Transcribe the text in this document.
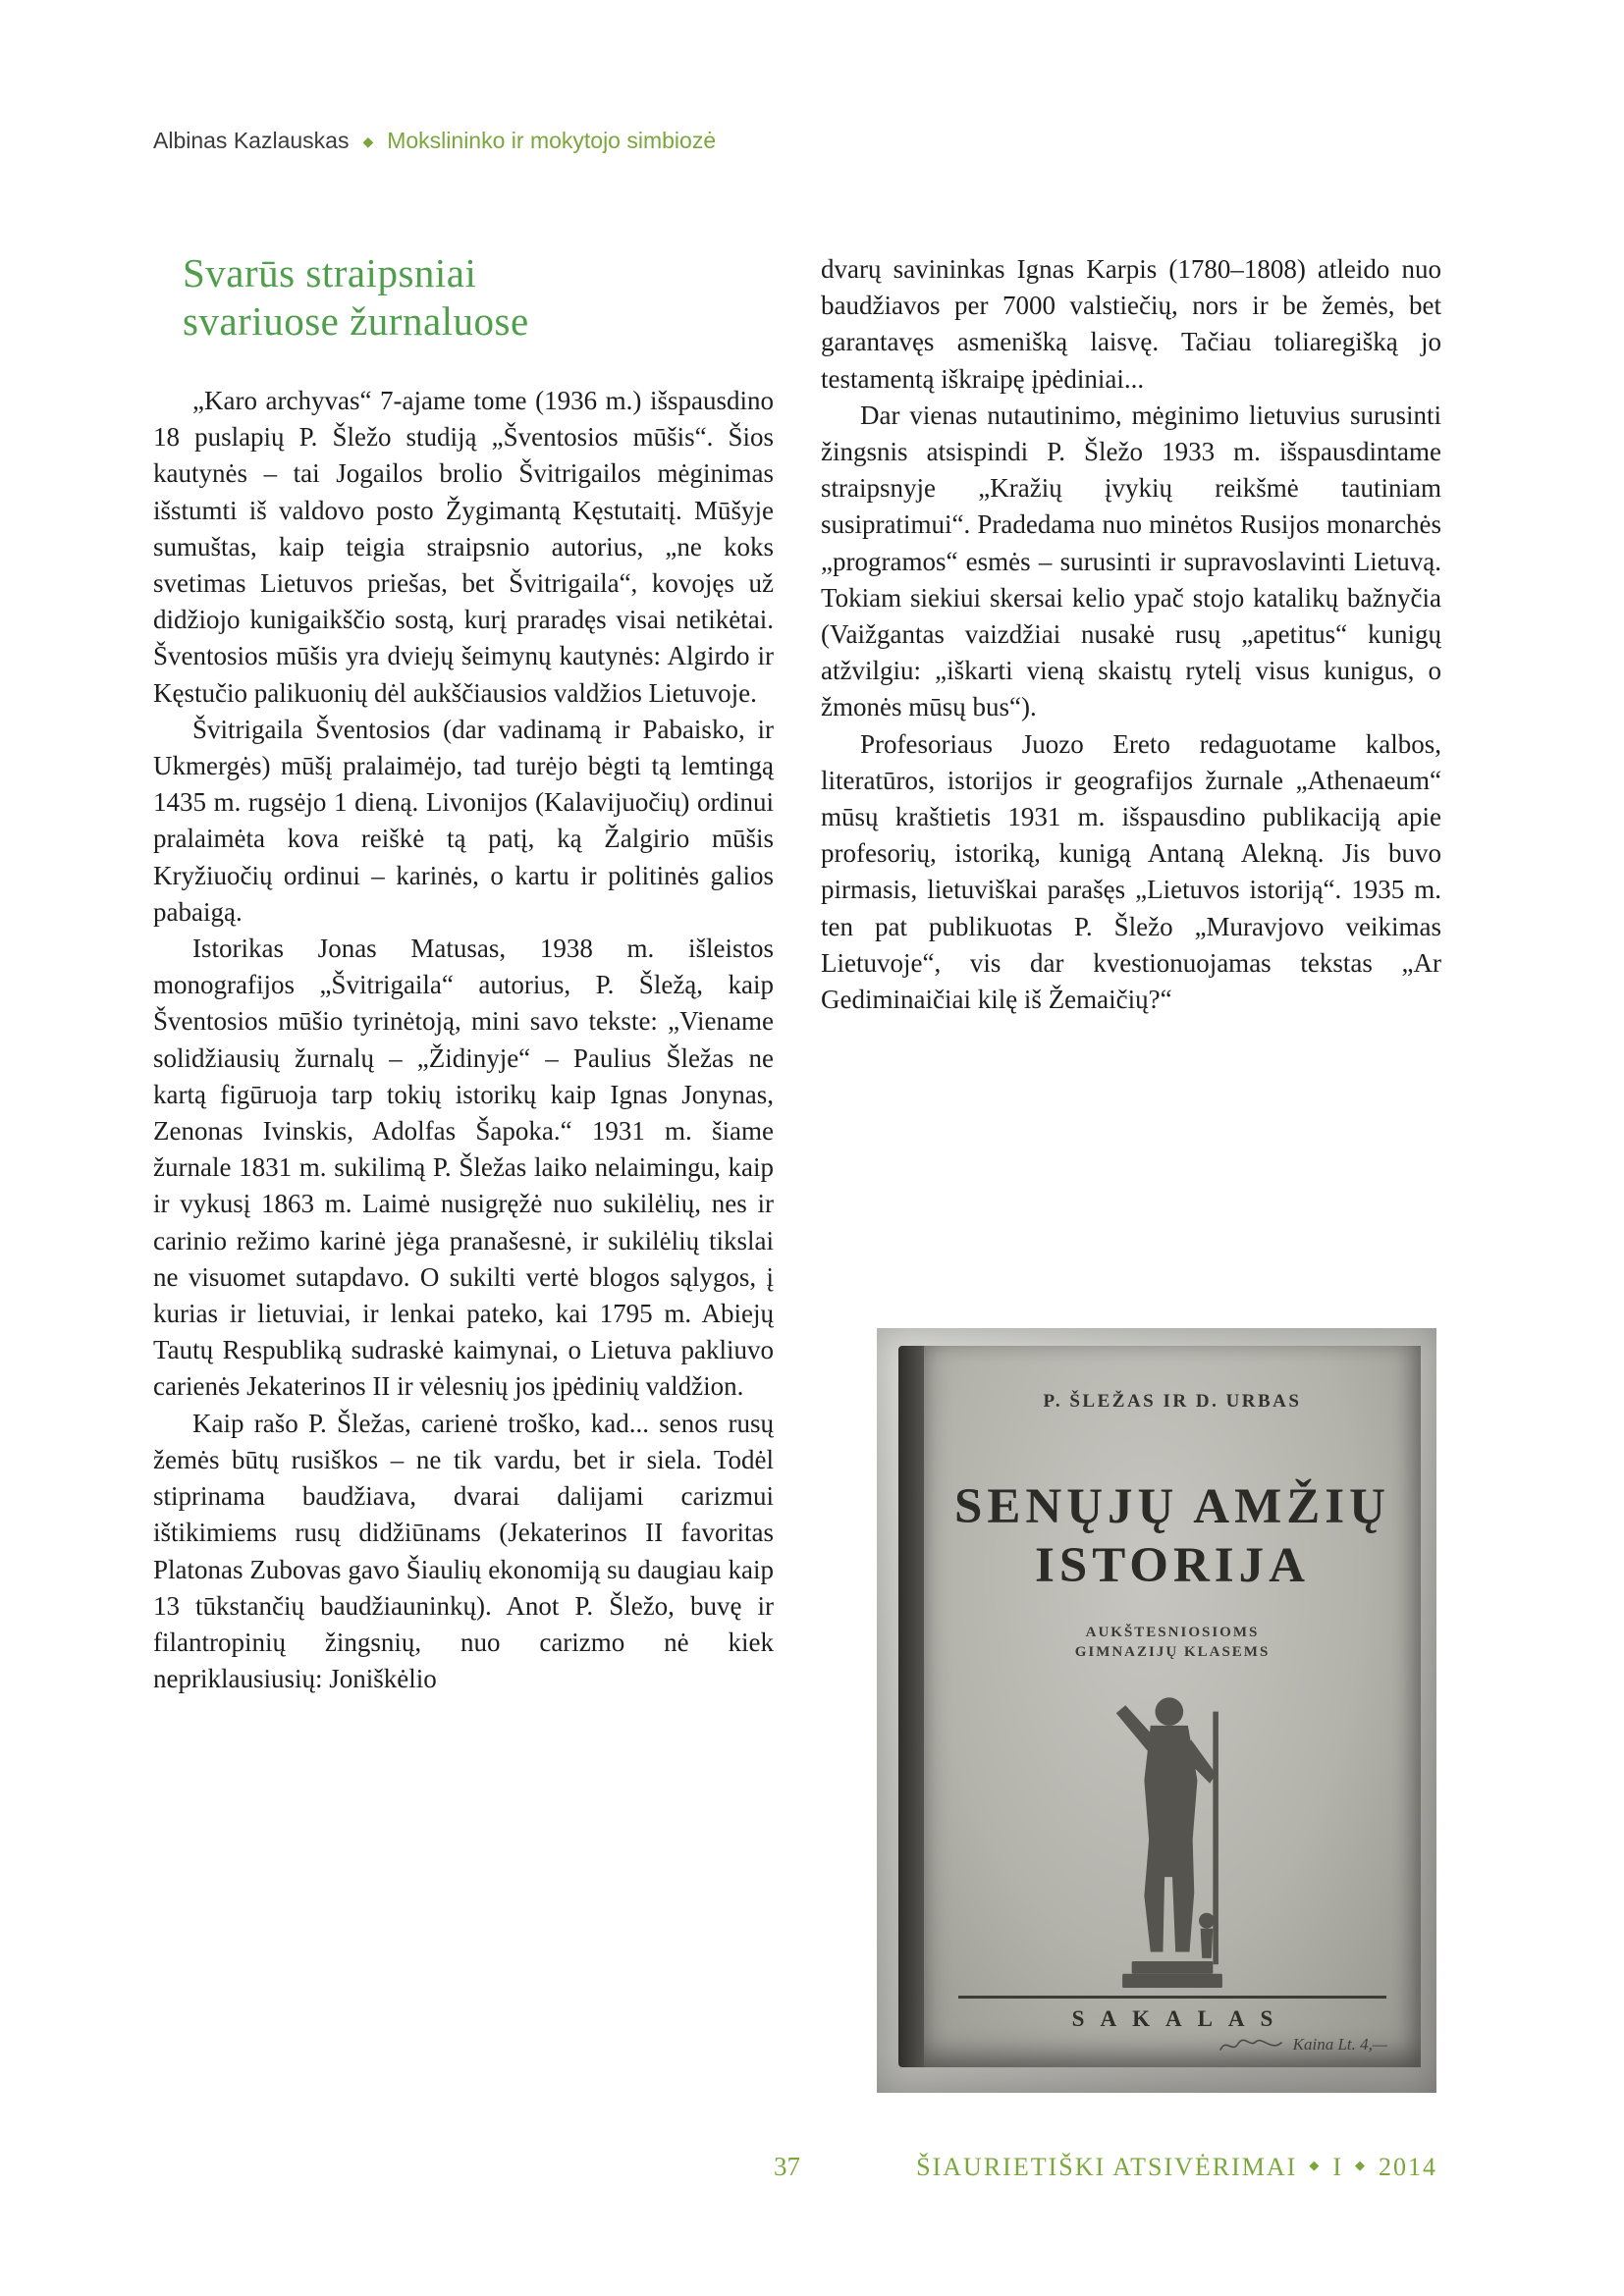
Albinas Kazlauskas ◆ Mokslininko ir mokytojo simbiozė
Svarūs straipsniai
svariuose žurnaluose

„Karo archyvas“ 7-ajame tome (1936 m.) išspausdino 18 puslapių P. Šležo studiją „Šventosios mūšis“. Šios kautynės – tai Jogailos brolio Švitrigailos mėginimas išstumti iš valdovo posto Žygimantą Kęstutaitį. Mūšyje sumuštas, kaip teigia straipsnio autorius, „ne koks svetimas Lietuvos priešas, bet Švitrigaila“, kovojęs už didžiojo kunigaikščio sostą, kurį praradęs visai netikėtai. Šventosios mūšis yra dviejų šeimynų kautynės: Algirdo ir Kęstučio palikuonių dėl aukščiausios valdžios Lietuvoje.

Švitrigaila Šventosios (dar vadinamą ir Pabaisko, ir Ukmergės) mūšį pralaimėjo, tad turėjo bėgti tą lemtingą 1435 m. rugsėjo 1 dieną. Livonijos (Kalavijuočių) ordinui pralaimėta kova reiškė tą patį, ką Žalgirio mūšis Kryžiuočių ordinui – karinės, o kartu ir politinės galios pabaigą.

Istorikas Jonas Matusas, 1938 m. išleistos monografijos „Švitrigaila“ autorius, P. Šležą, kaip Šventosios mūšio tyrinėtoją, mini savo tekste: „Viename solidžiausių žurnalų – „Židinyje“ – Paulius Šležas ne kartą figūruoja tarp tokių istorikų kaip Ignas Jonynas, Zenonas Ivinskis, Adolfas Šapoka.“ 1931 m. šiame žurnale 1831 m. sukilimą P. Šležas laiko nelaimingu, kaip ir vykusį 1863 m. Laimė nusigręžė nuo sukilėlių, nes ir carinio režimo karinė jėga pranašesnė, ir sukilėlių tikslai ne visuomet sutapdavo. O sukilti vertė blogos sąlygos, į kurias ir lietuviai, ir lenkai pateko, kai 1795 m. Abiejų Tautų Respubliką sudraskė kaimynai, o Lietuva pakliuvo carienės Jekaterinos II ir vėlesnių jos įpėdinių valdžion.

Kaip rašo P. Šležas, carienė troško, kad... senos rusų žemės būtų rusiškos – ne tik vardu, bet ir siela. Todėl stiprinama baudžiava, dvarai dalijami carizmui ištikimiems rusų didžiūnams (Jekaterinos II favoritas Platonas Zubovas gavo Šiaulių ekonomiją su daugiau kaip 13 tūkstančių baudžiauninkų). Anot P. Šležo, buvę ir filantropinių žingsnių, nuo carizmo nė kiek nepriklausiusių: Joniškėlio

dvarų savininkas Ignas Karpis (1780–1808) atleido nuo baudžiavos per 7000 valstiečių, nors ir be žemės, bet garantavęs asmenišką laisvę. Tačiau toliaregišką jo testamentą iškraipę įpėdiniai...

Dar vienas nutautinimo, mėginimo lietuvius surusinti žingsnis atsispindi P. Šležo 1933 m. išspausdintame straipsnyje „Kražių įvykių reikšmė tautiniam susipratimui“. Pradedama nuo minėtos Rusijos monarchės „programos“ esmės – surusinti ir supravoslavinti Lietuvą. Tokiam siekiui skersai kelio ypač stojo katalikų bažnyčia (Vaižgantas vaizdžiai nusakė rusų „apetitus“ kunigų atžvilgiu: „iškarti vieną skaistų rytelį visus kunigus, o žmonės mūsų bus“).

Profesoriaus Juozo Ereto redaguotame kalbos, literatūros, istorijos ir geografijos žurnale „Athenaeum“ mūsų kraštietis 1931 m. išspausdino publikaciją apie profesorių, istoriką, kunigą Antaną Alekną. Jis buvo pirmasis, lietuviškai parašęs „Lietuvos istoriją“. 1935 m. ten pat publikuotas P. Šležo „Muravjovo veikimas Lietuvoje“, vis dar kvestionuojamas tekstas „Ar Gediminaičiai kilę iš Žemaičių?“

P. ŠLEŽAS IR D. URBAS
SENŲJŲ AMŽIŲ
ISTORIJA
AUKŠTESNIOSIOMS
GIMNAZIJŲ KLASEMS
SAKALAS
Kaina Lt. 4,—
37	ŠIAURIETIŠKI ATSIVĖRIMAI ◆ I ◆ 2014
